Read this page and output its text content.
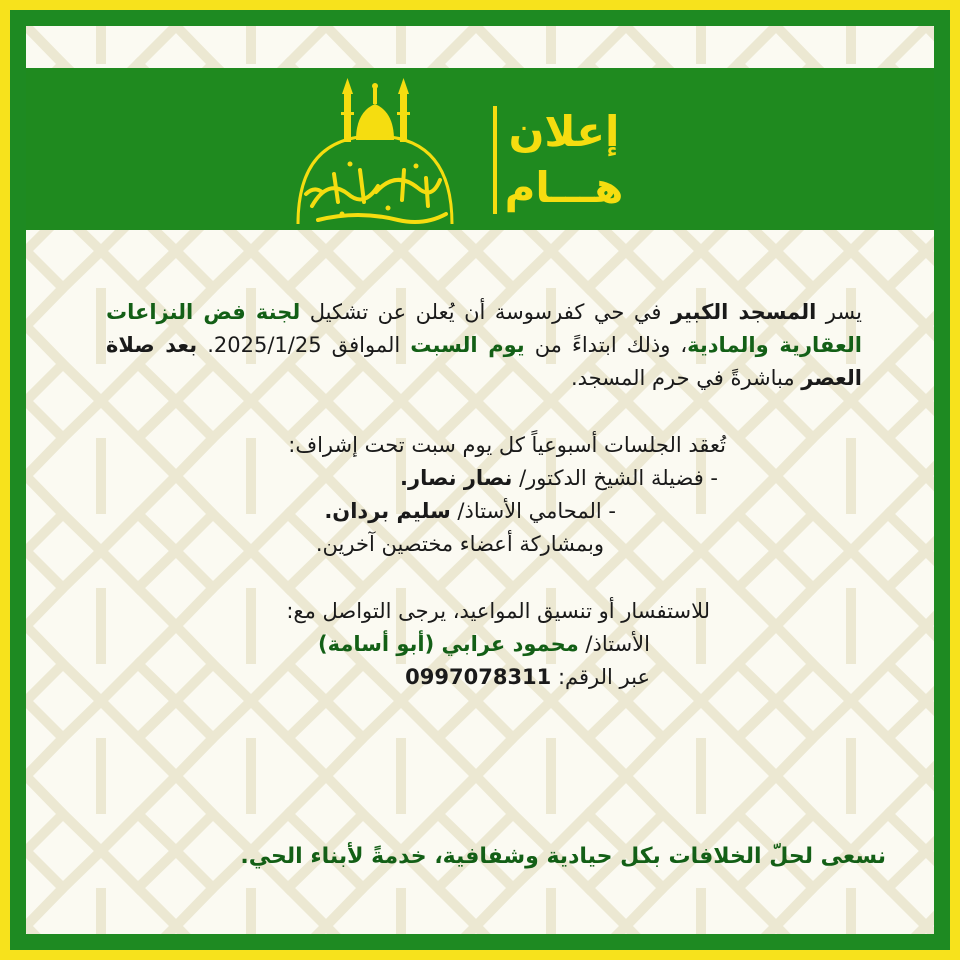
إعلان
هـــام
يسر المسجد الكبير في حي كفرسوسة أن يُعلن عن تشكيل لجنة فض النزاعات العقارية والمادية، وذلك ابتداءً من يوم السبت الموافق 2025/1/25. بعد صلاة العصر مباشرةً في حرم المسجد.
تُعقد الجلسات أسبوعياً كل يوم سبت تحت إشراف:
- فضيلة الشيخ الدكتور/ نصار نصار.
- المحامي الأستاذ/ سليم بردان.
وبمشاركة أعضاء مختصين آخرين.
للاستفسار أو تنسيق المواعيد، يرجى التواصل مع:
الأستاذ/ محمود عرابي (أبو أسامة)
عبر الرقم: 0997078311
نسعى لحلّ الخلافات بكل حيادية وشفافية، خدمةً لأبناء الحي.
